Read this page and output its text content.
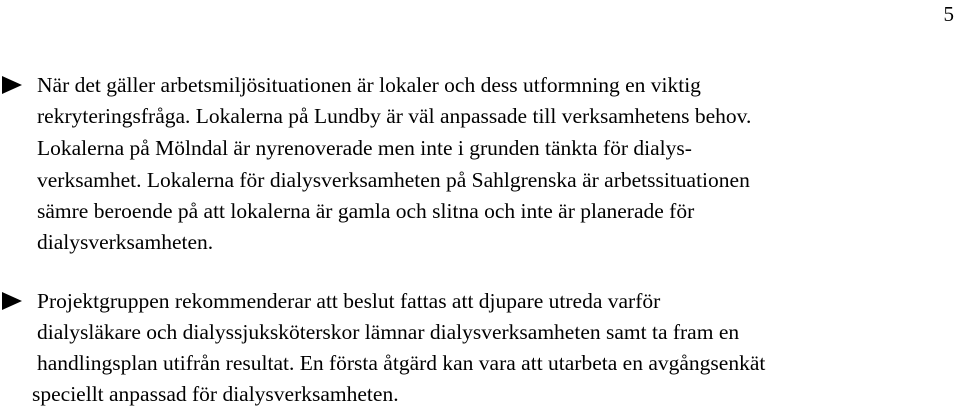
5
När det gäller arbetsmiljösituationen är lokaler och dess utformning en viktig
rekryteringsfråga. Lokalerna på Lundby är väl anpassade till verksamhetens behov.
Lokalerna på Mölndal är nyrenoverade men inte i grunden tänkta för dialys-
verksamhet. Lokalerna för dialysverksamheten på Sahlgrenska är arbetssituationen
sämre beroende på att lokalerna är gamla och slitna och inte är planerade för
dialysverksamheten.
Projektgruppen rekommenderar att beslut fattas att djupare utreda varför
dialysläkare och dialyssjuksköterskor lämnar dialysverksamheten samt ta fram en
handlingsplan utifrån resultat. En första åtgärd kan vara att utarbeta en avgångsenkät
speciellt anpassad för dialysverksamheten.
